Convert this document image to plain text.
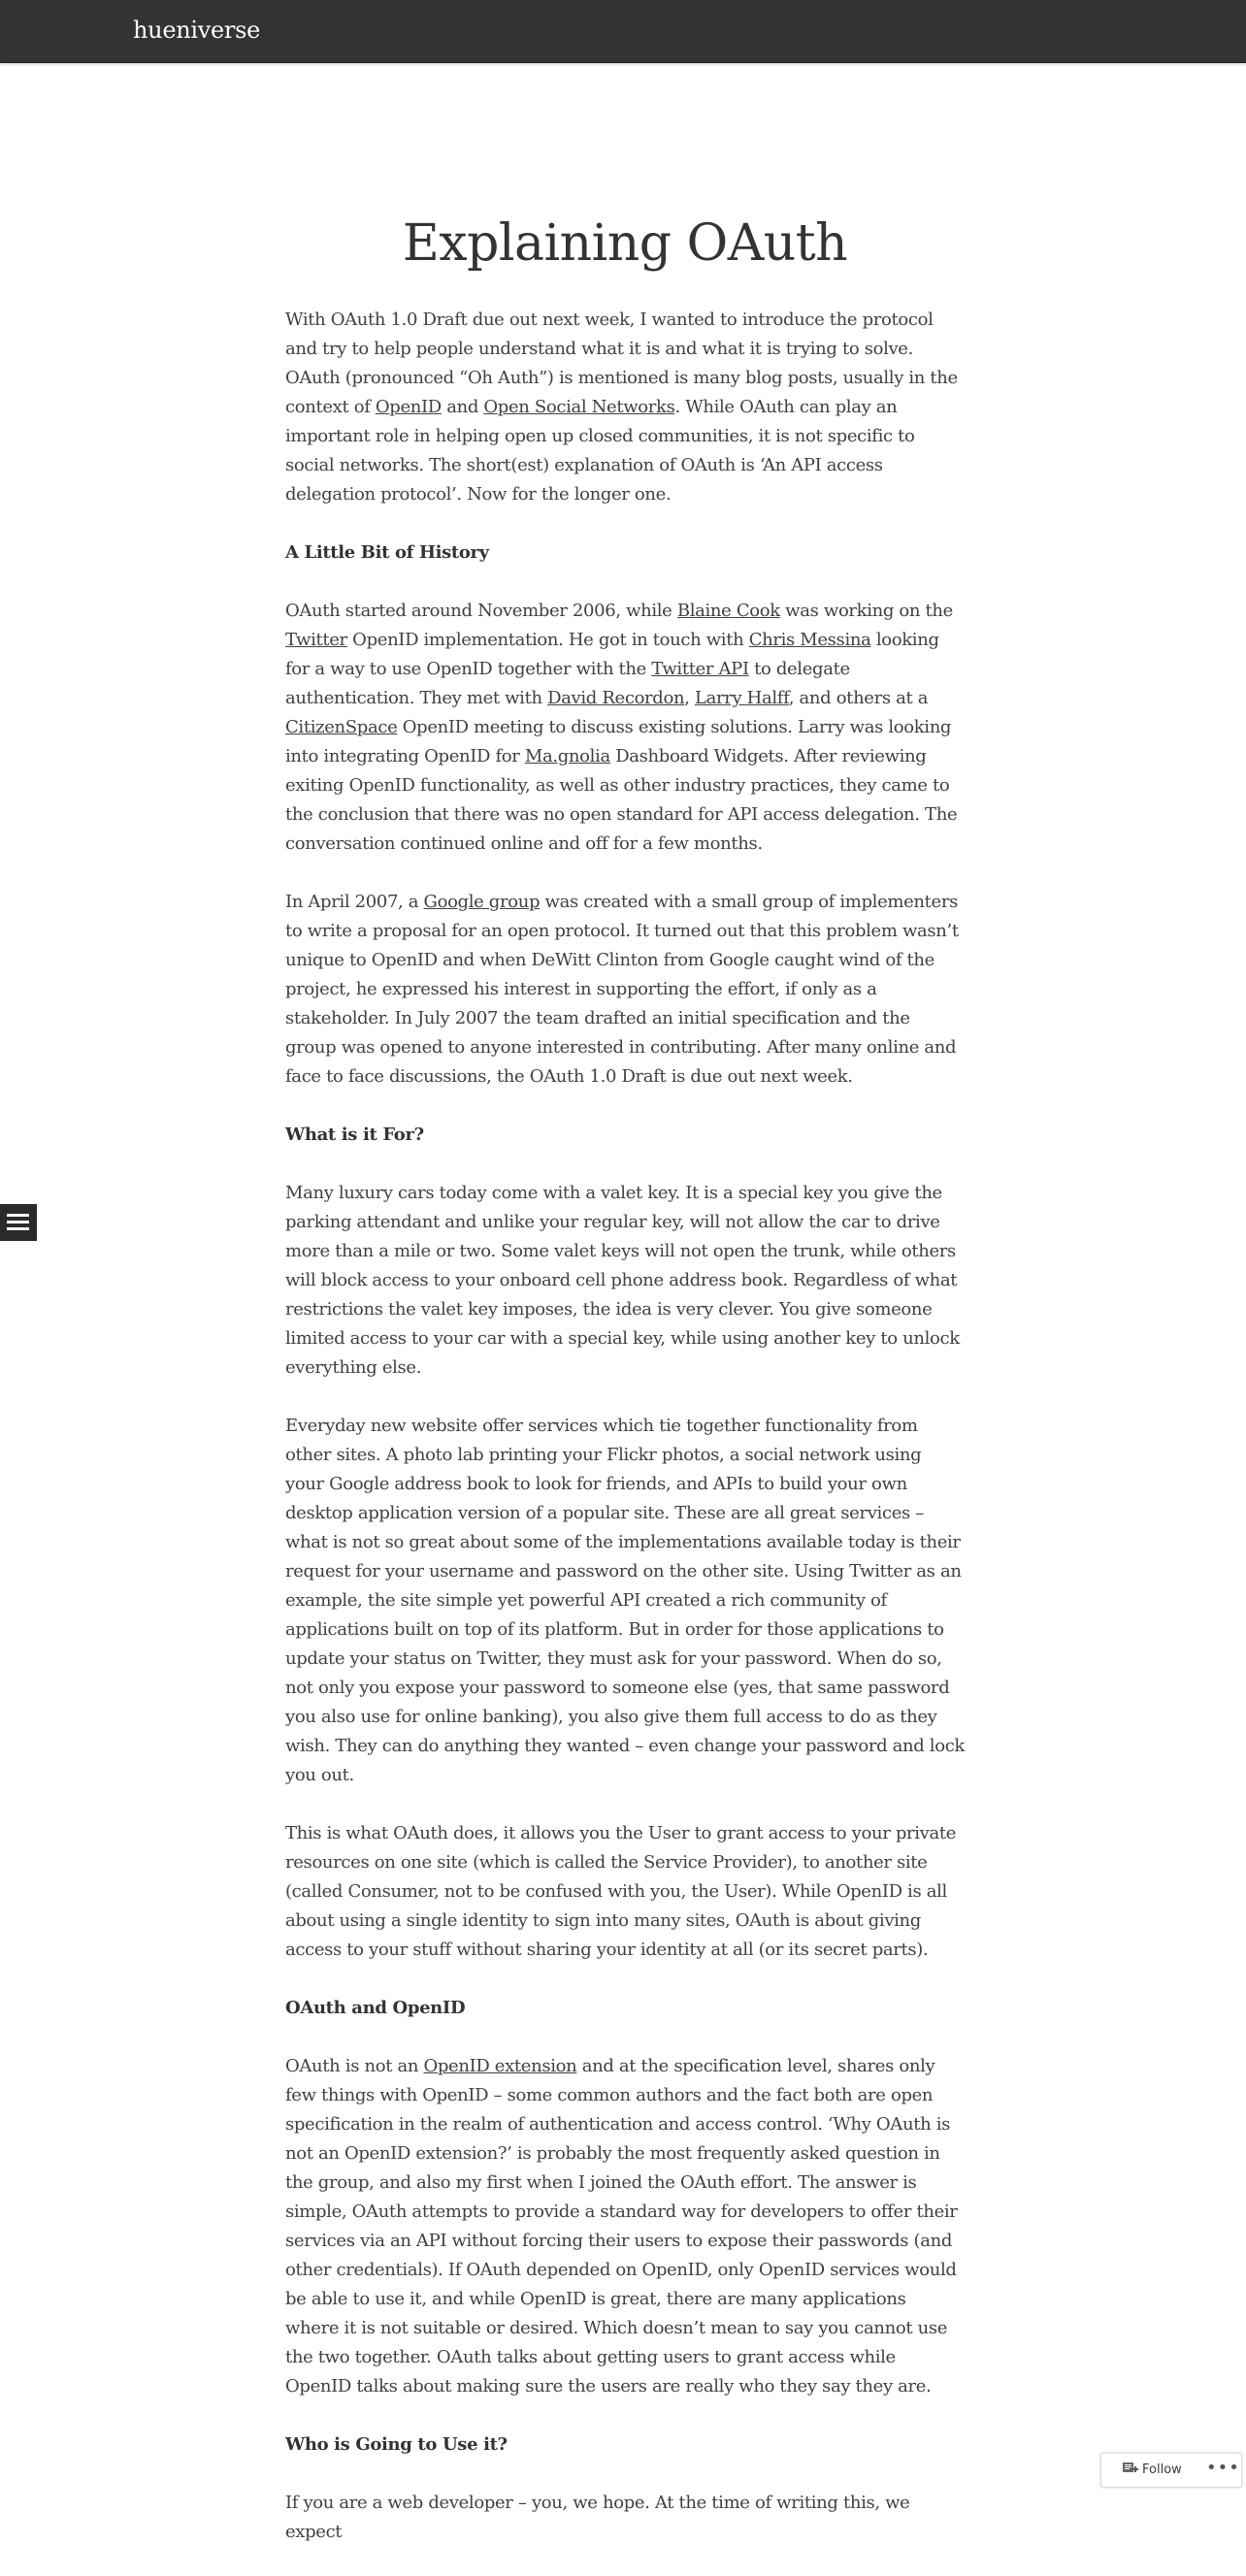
hueniverse
Explaining OAuth

With OAuth 1.0 Draft due out next week, I wanted to introduce the protocol and try to help people understand what it is and what it is trying to solve. OAuth (pronounced “Oh Auth”) is mentioned is many blog posts, usually in the context of OpenID and Open Social Networks. While OAuth can play an important role in helping open up closed communities, it is not specific to social networks. The short(est) explanation of OAuth is ‘An API access delegation protocol’. Now for the longer one.

A Little Bit of History

OAuth started around November 2006, while Blaine Cook was working on the Twitter OpenID implementation. He got in touch with Chris Messina looking for a way to use OpenID together with the Twitter API to delegate authentication. They met with David Recordon, Larry Halff, and others at a CitizenSpace OpenID meeting to discuss existing solutions. Larry was looking into integrating OpenID for Ma.gnolia Dashboard Widgets. After reviewing exiting OpenID functionality, as well as other industry practices, they came to the conclusion that there was no open standard for API access delegation. The conversation continued online and off for a few months.

In April 2007, a Google group was created with a small group of implementers to write a proposal for an open protocol. It turned out that this problem wasn’t unique to OpenID and when DeWitt Clinton from Google caught wind of the project, he expressed his interest in supporting the effort, if only as a stakeholder. In July 2007 the team drafted an initial specification and the group was opened to anyone interested in contributing. After many online and face to face discussions, the OAuth 1.0 Draft is due out next week.

What is it For?

Many luxury cars today come with a valet key. It is a special key you give the parking attendant and unlike your regular key, will not allow the car to drive more than a mile or two. Some valet keys will not open the trunk, while others will block access to your onboard cell phone address book. Regardless of what restrictions the valet key imposes, the idea is very clever. You give someone limited access to your car with a special key, while using another key to unlock everything else.

Everyday new website offer services which tie together functionality from other sites. A photo lab printing your Flickr photos, a social network using your Google address book to look for friends, and APIs to build your own desktop application version of a popular site. These are all great services – what is not so great about some of the implementations available today is their request for your username and password on the other site. Using Twitter as an example, the site simple yet powerful API created a rich community of applications built on top of its platform. But in order for those applications to update your status on Twitter, they must ask for your password. When do so, not only you expose your password to someone else (yes, that same password you also use for online banking), you also give them full access to do as they wish. They can do anything they wanted – even change your password and lock you out.

This is what OAuth does, it allows you the User to grant access to your private resources on one site (which is called the Service Provider), to another site (called Consumer, not to be confused with you, the User). While OpenID is all about using a single identity to sign into many sites, OAuth is about giving access to your stuff without sharing your identity at all (or its secret parts).

OAuth and OpenID

OAuth is not an OpenID extension and at the specification level, shares only few things with OpenID – some common authors and the fact both are open specification in the realm of authentication and access control. ‘Why OAuth is not an OpenID extension?’ is probably the most frequently asked question in the group, and also my first when I joined the OAuth effort. The answer is simple, OAuth attempts to provide a standard way for developers to offer their services via an API without forcing their users to expose their passwords (and other credentials). If OAuth depended on OpenID, only OpenID services would be able to use it, and while OpenID is great, there are many applications where it is not suitable or desired. Which doesn’t mean to say you cannot use the two together. OAuth talks about getting users to grant access while OpenID talks about making sure the users are really who they say they are.

Who is Going to Use it?

If you are a web developer – you, we hope. At the time of writing this, we expect

Follow •••
